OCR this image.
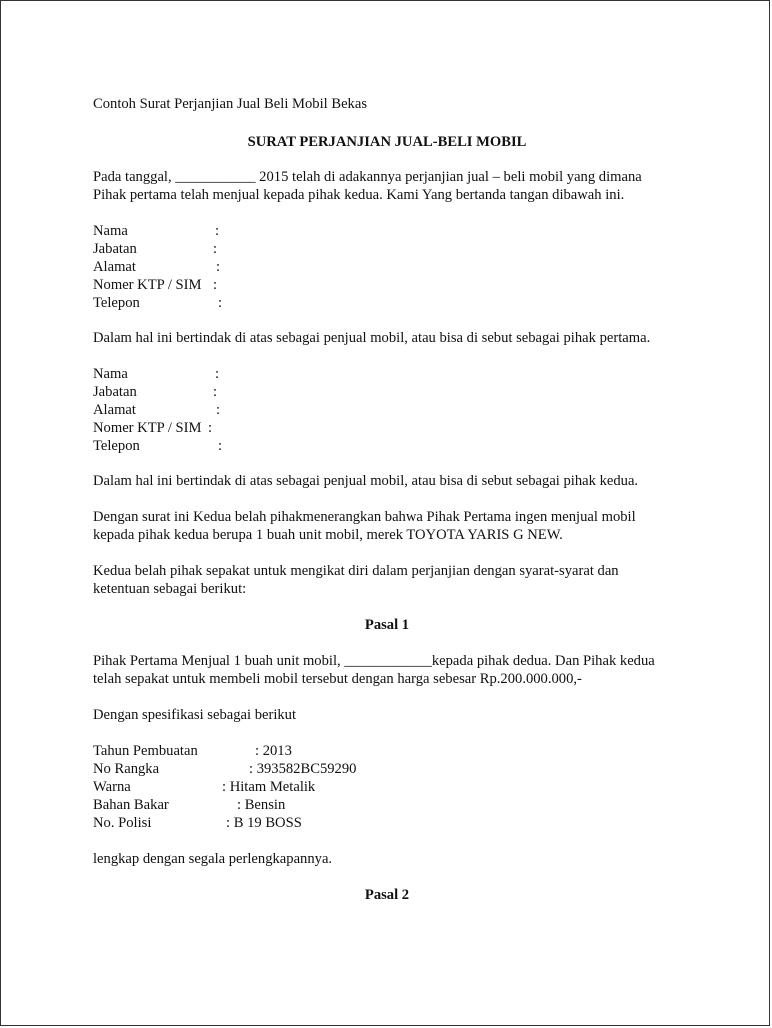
Contoh Surat Perjanjian Jual Beli Mobil Bekas
SURAT PERJANJIAN JUAL-BELI MOBIL
Pada tanggal, ___________ 2015 telah di adakannya perjanjian jual – beli mobil yang dimana
Pihak pertama telah menjual kepada pihak kedua. Kami Yang bertanda tangan dibawah ini.
Nama	:
Jabatan	:
Alamat	:
Nomer KTP / SIM :
Telepon	:
Dalam hal ini bertindak di atas sebagai penjual mobil, atau bisa di sebut sebagai pihak pertama.
Nama	:
Jabatan	:
Alamat	:
Nomer KTP / SIM :
Telepon	:
Dalam hal ini bertindak di atas sebagai penjual mobil, atau bisa di sebut sebagai pihak kedua.
Dengan surat ini Kedua belah pihakmenerangkan bahwa Pihak Pertama ingen menjual mobil
kepada pihak kedua berupa 1 buah unit mobil, merek TOYOTA YARIS G NEW.
Kedua belah pihak sepakat untuk mengikat diri dalam perjanjian dengan syarat-syarat dan
ketentuan sebagai berikut:
Pasal 1
Pihak Pertama Menjual 1 buah unit mobil, ____________kepada pihak dedua. Dan Pihak kedua
telah sepakat untuk membeli mobil tersebut dengan harga sebesar Rp.200.000.000,-
Dengan spesifikasi sebagai berikut
Tahun Pembuatan	: 2013
No Rangka	: 393582BC59290
Warna	: Hitam Metalik
Bahan Bakar	: Bensin
No. Polisi	: B 19 BOSS
lengkap dengan segala perlengkapannya.
Pasal 2
